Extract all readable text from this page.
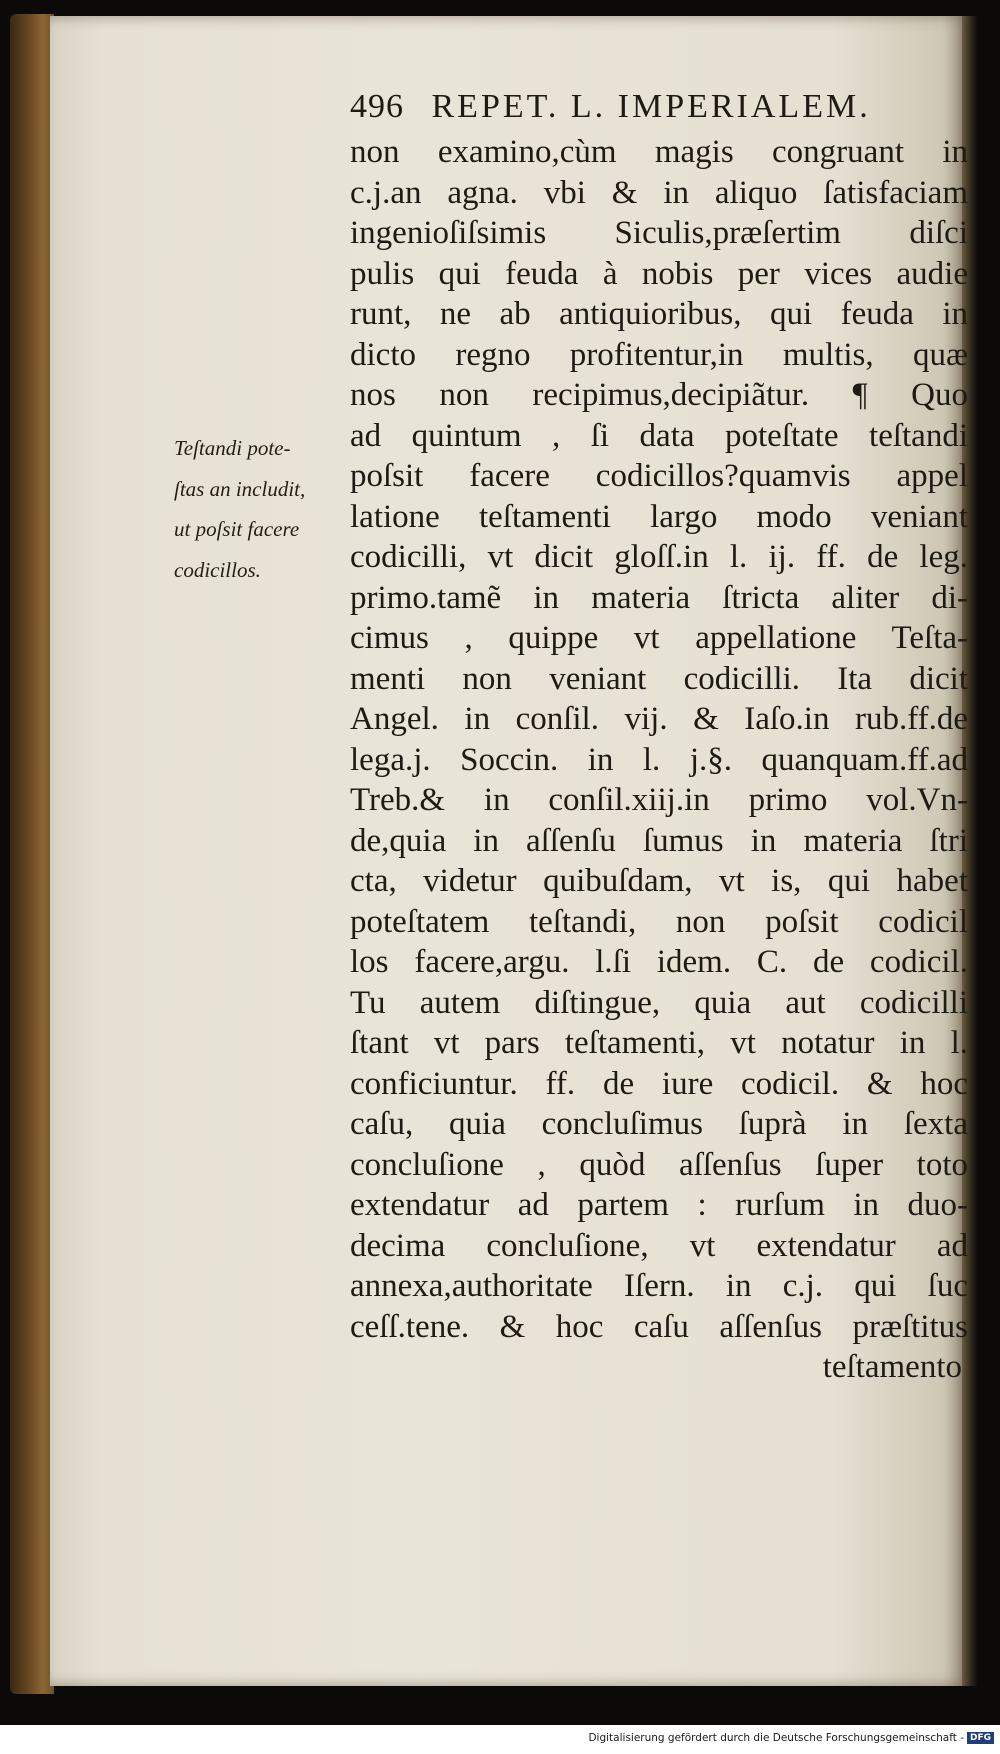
496 REPET. L. IMPERIALEM.
Teſtandi pote-
ſtas an includit,
ut poſsit facere
codicillos.
non examino,cùm magis congruant in
c.j.an agna. vbi & in aliquo ſatisfaciam
ingenioſiſsimis Siculis,præſertim diſci
pulis qui feuda à nobis per vices audie
runt, ne ab antiquioribus, qui feuda in
dicto regno profitentur,in multis, quæ
nos non recipimus,decipiãtur. ¶ Quo
ad quintum , ſi data poteſtate teſtandi
poſsit facere codicillos?quamvis appel
latione teſtamenti largo modo veniant
codicilli, vt dicit gloſſ.in l. ij. ff. de leg.
primo.tamẽ in materia ſtricta aliter di-
cimus , quippe vt appellatione Teſta-
menti non veniant codicilli. Ita dicit
Angel. in conſil. vij. & Iaſo.in rub.ff.de
lega.j. Soccin. in l. j.§. quanquam.ff.ad
Treb.& in conſil.xiij.in primo vol.Vn-
de,quia in aſſenſu ſumus in materia ſtri
cta, videtur quibuſdam, vt is, qui habet
poteſtatem teſtandi, non poſsit codicil
los facere,argu. l.ſi idem. C. de codicil.
Tu autem diſtingue, quia aut codicilli
ſtant vt pars teſtamenti, vt notatur in l.
conficiuntur. ff. de iure codicil. & hoc
caſu, quia concluſimus ſuprà in ſexta
concluſione , quòd aſſenſus ſuper toto
extendatur ad partem : rurſum in duo-
decima concluſione, vt extendatur ad
annexa,authoritate Iſern. in c.j. qui ſuc
ceſſ.tene. & hoc caſu aſſenſus præſtitus
teſtamento
Digitalisierung gefördert durch die Deutsche Forschungsgemeinschaft - DFG
